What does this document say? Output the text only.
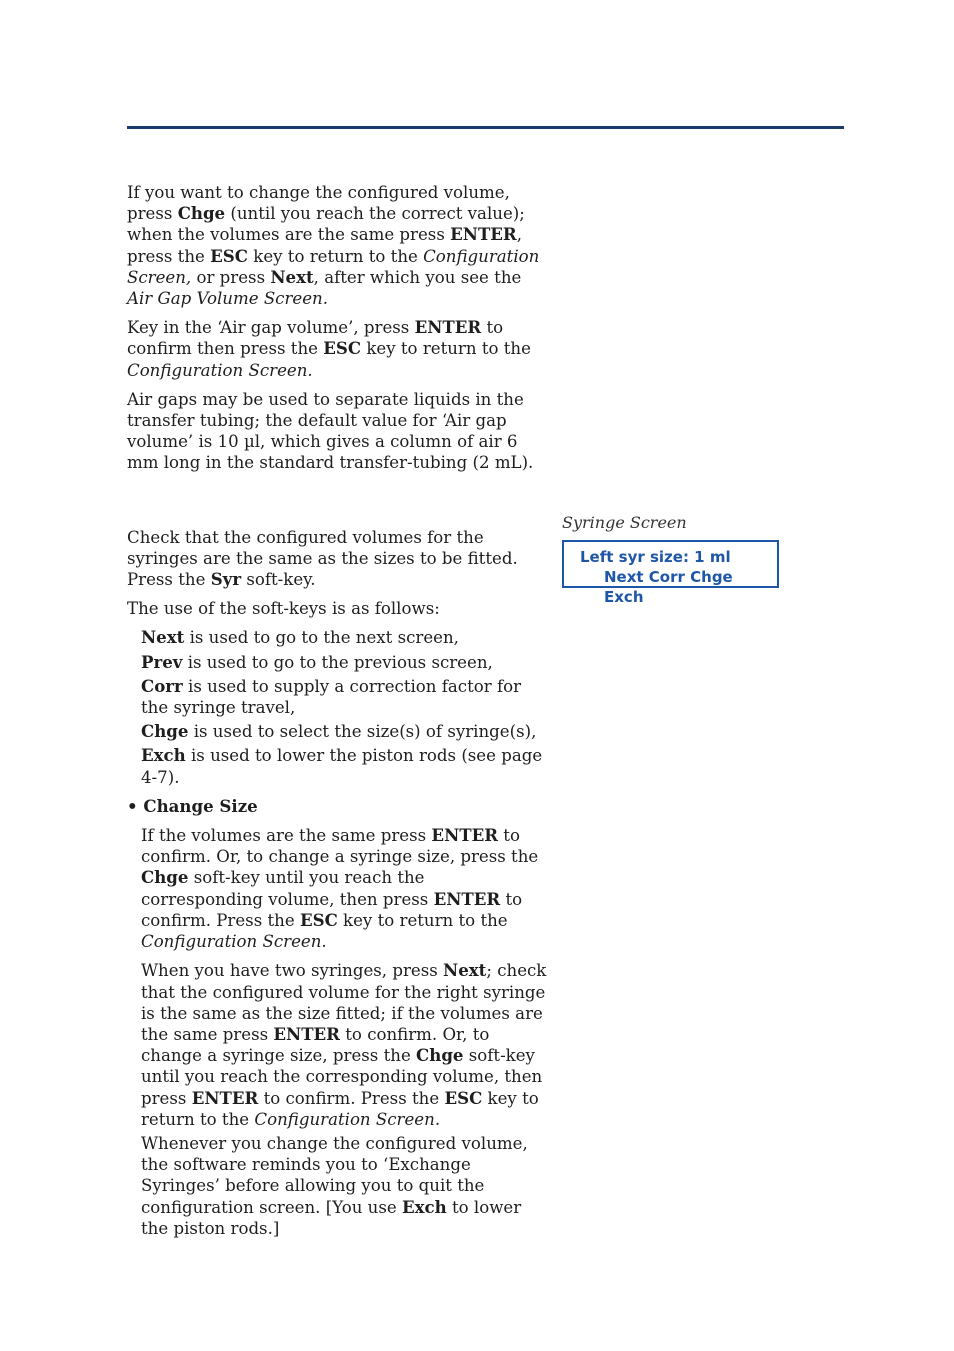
If you want to change the configured volume, press Chge (until you reach the correct value); when the volumes are the same press ENTER, press the ESC key to return to the Configuration Screen, or press Next, after which you see the Air Gap Volume Screen.

Key in the ‘Air gap volume’, press ENTER to confirm then press the ESC key to return to the Configuration Screen.

Air gaps may be used to separate liquids in the transfer tubing; the default value for ‘Air gap volume’ is 10 µl, which gives a column of air 6 mm long in the standard transfer-tubing (2 mL).

Check that the configured volumes for the syringes are the same as the sizes to be fitted. Press the Syr soft-key.

The use of the soft-keys is as follows:

Next is used to go to the next screen,

Prev is used to go to the previous screen,

Corr is used to supply a correction factor for the syringe travel,

Chge is used to select the size(s) of syringe(s),

Exch is used to lower the piston rods (see page 4-7).

• Change Size

If the volumes are the same press ENTER to confirm. Or, to change a syringe size, press the Chge soft-key until you reach the corresponding volume, then press ENTER to confirm. Press the ESC key to return to the Configuration Screen.

When you have two syringes, press Next; check that the configured volume for the right syringe is the same as the size fitted; if the volumes are the same press ENTER to confirm. Or, to change a syringe size, press the Chge soft-key until you reach the corresponding volume, then press ENTER to confirm. Press the ESC key to return to the Configuration Screen.

Whenever you change the configured volume, the software reminds you to ‘Exchange Syringes’ before allowing you to quit the configuration screen. [You use Exch to lower the piston rods.]

Syringe Screen
Left syr size: 1 ml
Next Corr Chge Exch
